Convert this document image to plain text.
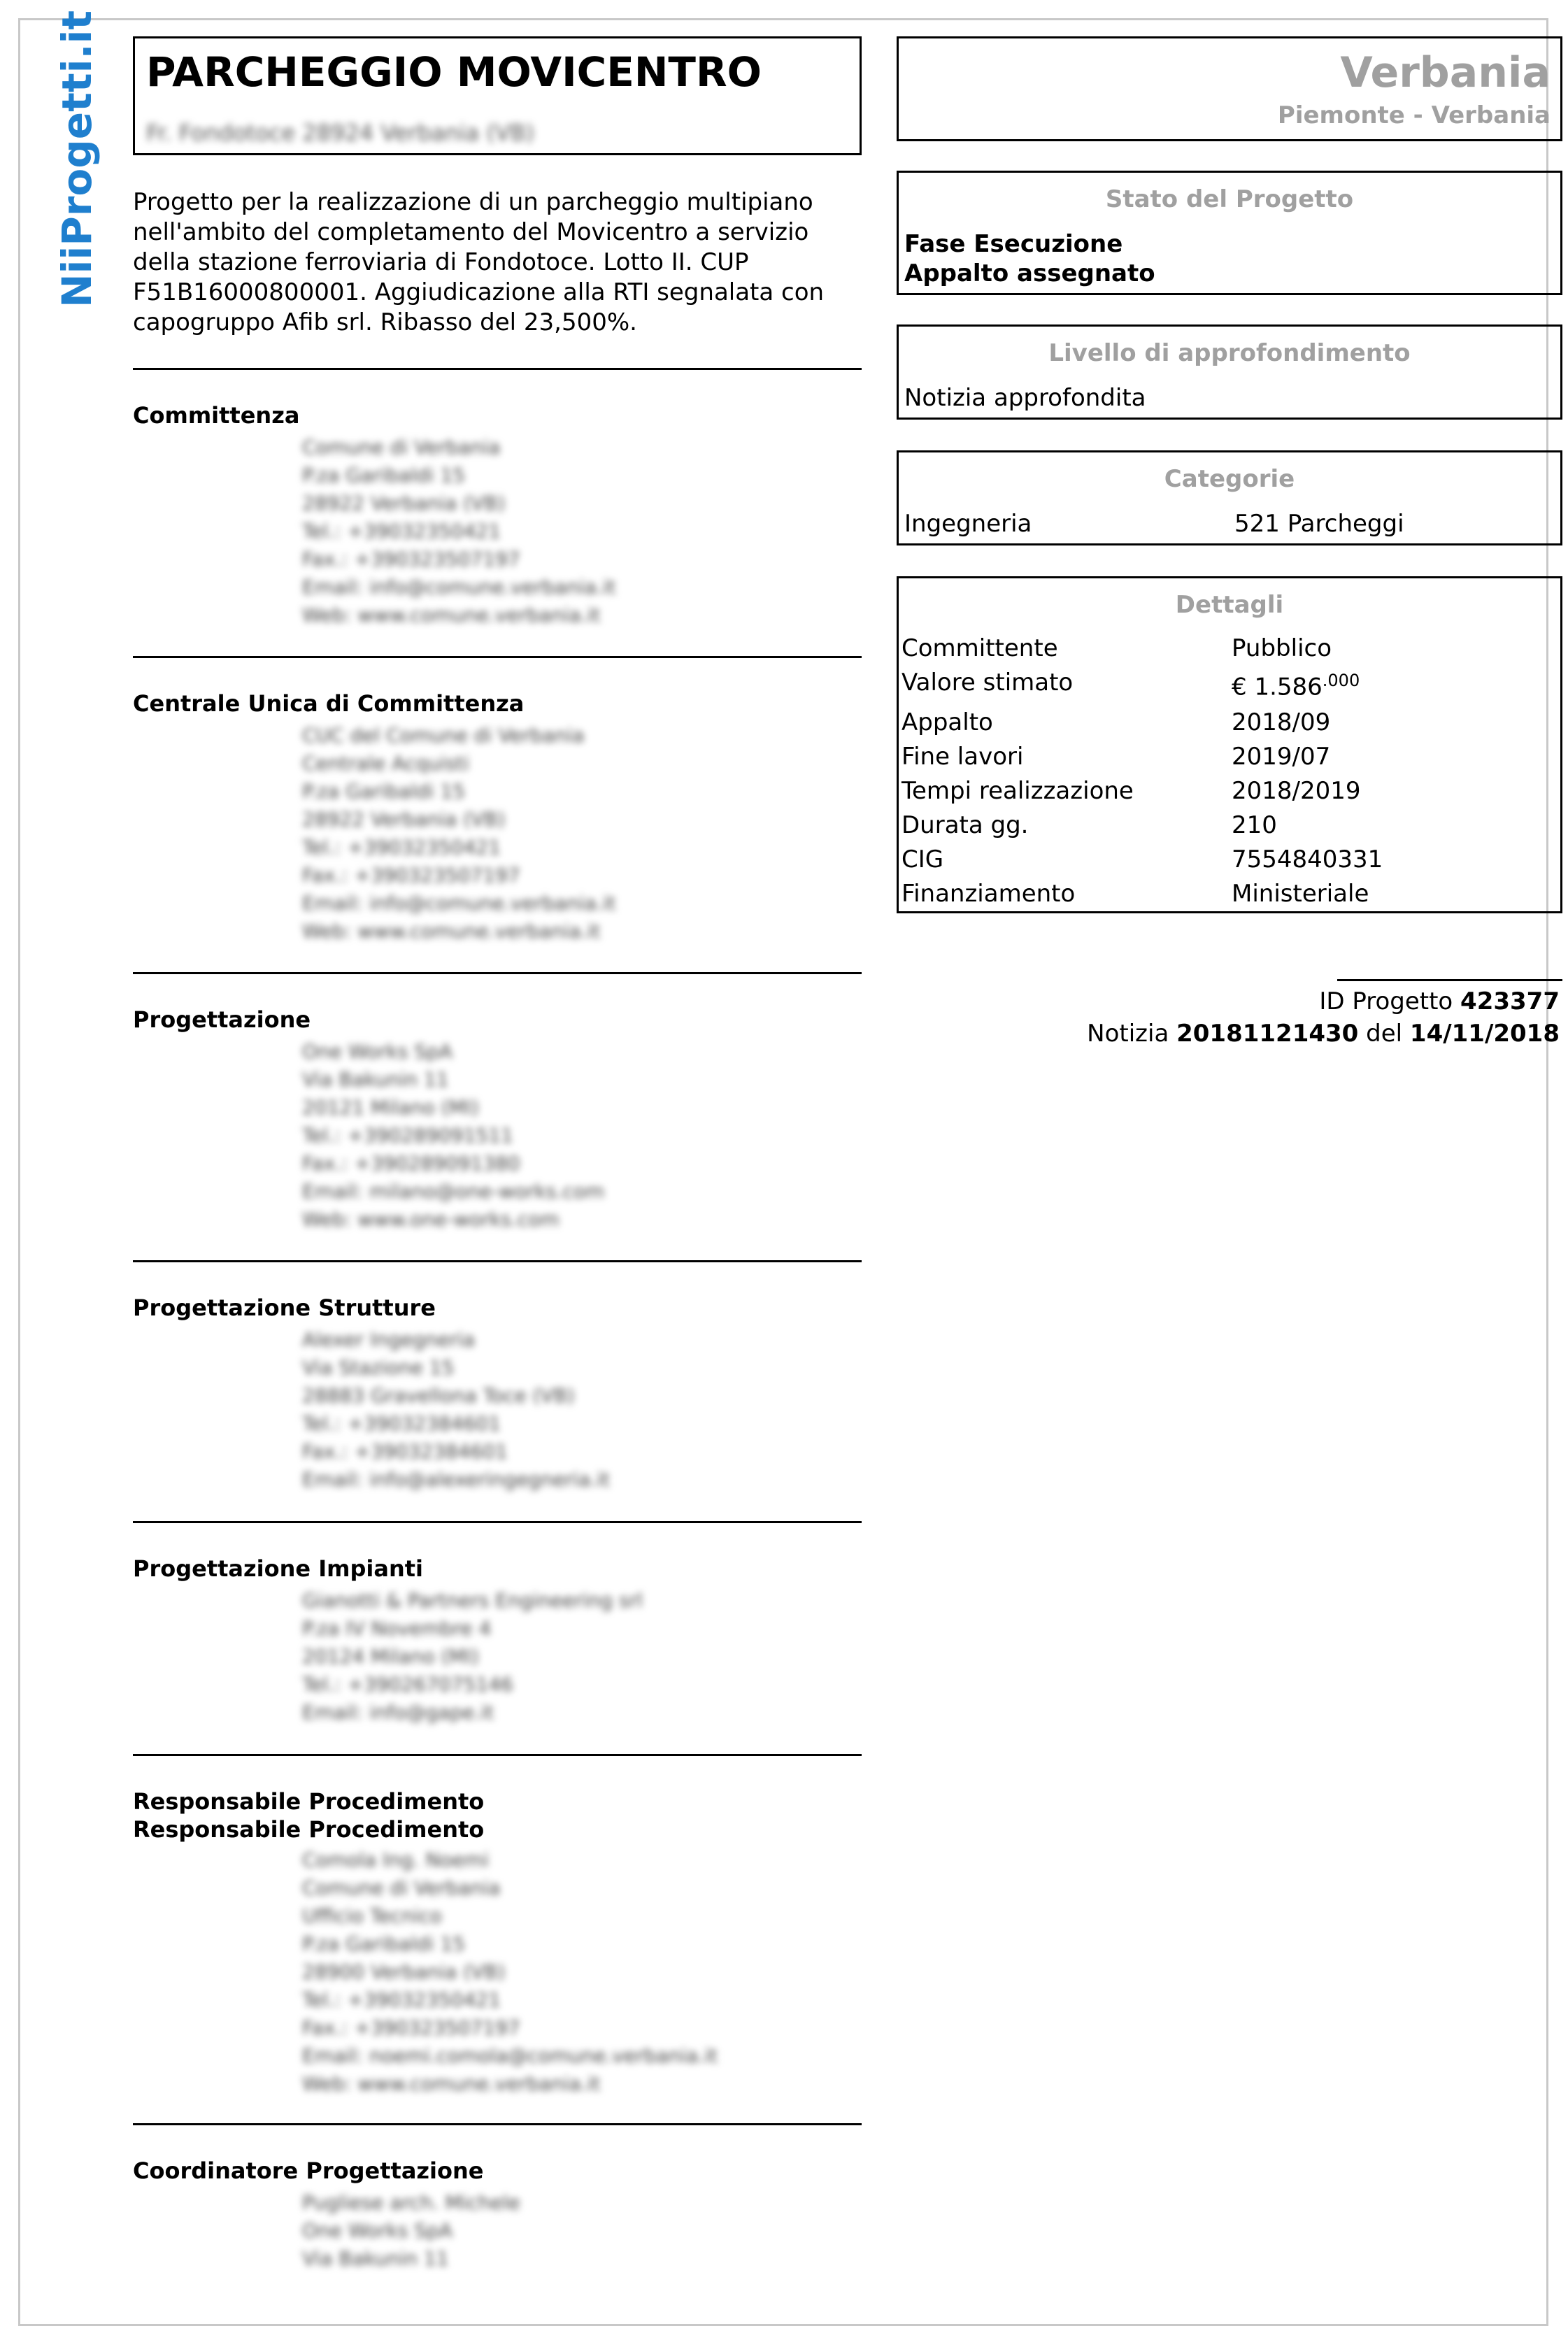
NiiProgetti.it PARCHEGGIO MOVICENTRO
Fr. Fondotoce 28924 Verbania (VB)
Progetto per la realizzazione di un parcheggio multipiano nell'ambito del completamento del Movicentro a servizio della stazione ferroviaria di Fondotoce. Lotto II. CUP F51B16000800001. Aggiudicazione alla RTI segnalata con capogruppo Afib srl. Ribasso del 23,500%.
Committenza
Comune di Verbania
P.za Garibaldi 15
28922 Verbania (VB)
Tel.: +39032350421
Fax.: +390323507197
Email: info@comune.verbania.it
Web: www.comune.verbania.it
Centrale Unica di Committenza
CUC del Comune di Verbania
Centrale Acquisti
P.za Garibaldi 15
28922 Verbania (VB)
Tel.: +39032350421
Fax.: +390323507197
Email: info@comune.verbania.it
Web: www.comune.verbania.it
Progettazione
One Works SpA
Via Bakunin 11
20121 Milano (MI)
Tel.: +390289091511
Fax.: +390289091380
Email: milano@one-works.com
Web: www.one-works.com
Progettazione Strutture
Alexer Ingegneria
Via Stazione 15
28883 Gravellona Toce (VB)
Tel.: +39032384601
Fax.: +39032384601
Email: info@alexeringegneria.it
Progettazione Impianti
Gianotti & Partners Engineering srl
P.za IV Novembre 4
20124 Milano (MI)
Tel.: +390267075146
Email: info@gape.it
Responsabile Procedimento
Responsabile Procedimento
Comola Ing. Noemi
Comune di Verbania
Ufficio Tecnico
P.za Garibaldi 15
28900 Verbania (VB)
Tel.: +39032350421
Fax.: +390323507197
Email: noemi.comola@comune.verbania.it
Web: www.comune.verbania.it
Coordinatore Progettazione
Pugliese arch. Michele
One Works SpA
Via Bakunin 11
Verbania
Piemonte - Verbania
Stato del Progetto
Fase Esecuzione
Appalto assegnato
Livello di approfondimento
Notizia approfondita
Categorie
Ingegneria	521 Parcheggi
Dettagli
Committente	Pubblico
Valore stimato	€ $1.586^{.000}$
Appalto	2018/09
Fine lavori	2019/07
Tempi realizzazione	2018/2019
Durata gg.	210
CIG	7554840331
Finanziamento	Ministeriale
ID Progetto 423377
Notizia 20181121430 del 14/11/2018
